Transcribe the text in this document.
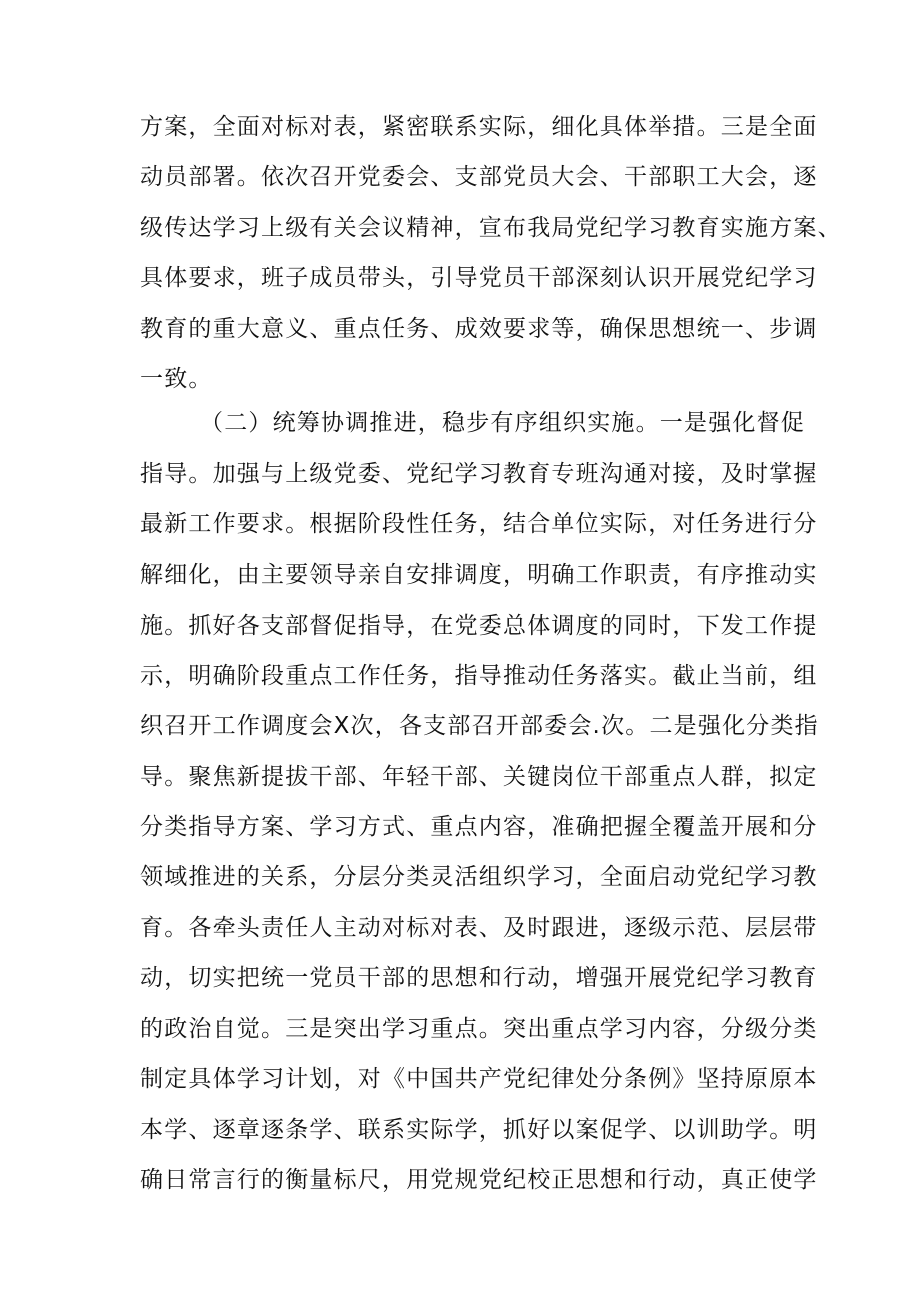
方案，全面对标对表，紧密联系实际，细化具体举措。三是全面
动员部署。依次召开党委会、支部党员大会、干部职工大会，逐
级传达学习上级有关会议精神，宣布我局党纪学习教育实施方案、
具体要求，班子成员带头，引导党员干部深刻认识开展党纪学习
教育的重大意义、重点任务、成效要求等，确保思想统一、步调
一致。
（二）统筹协调推进，稳步有序组织实施。一是强化督促
指导。加强与上级党委、党纪学习教育专班沟通对接，及时掌握
最新工作要求。根据阶段性任务，结合单位实际，对任务进行分
解细化，由主要领导亲自安排调度，明确工作职责，有序推动实
施。抓好各支部督促指导，在党委总体调度的同时，下发工作提
示，明确阶段重点工作任务，指导推动任务落实。截止当前，组
织召开工作调度会X次，各支部召开部委会.次。二是强化分类指
导。聚焦新提拔干部、年轻干部、关键岗位干部重点人群，拟定
分类指导方案、学习方式、重点内容，准确把握全覆盖开展和分
领域推进的关系，分层分类灵活组织学习，全面启动党纪学习教
育。各牵头责任人主动对标对表、及时跟进，逐级示范、层层带
动，切实把统一党员干部的思想和行动，增强开展党纪学习教育
的政治自觉。三是突出学习重点。突出重点学习内容，分级分类
制定具体学习计划，对《中国共产党纪律处分条例》坚持原原本
本学、逐章逐条学、联系实际学，抓好以案促学、以训助学。明
确日常言行的衡量标尺，用党规党纪校正思想和行动，真正使学
